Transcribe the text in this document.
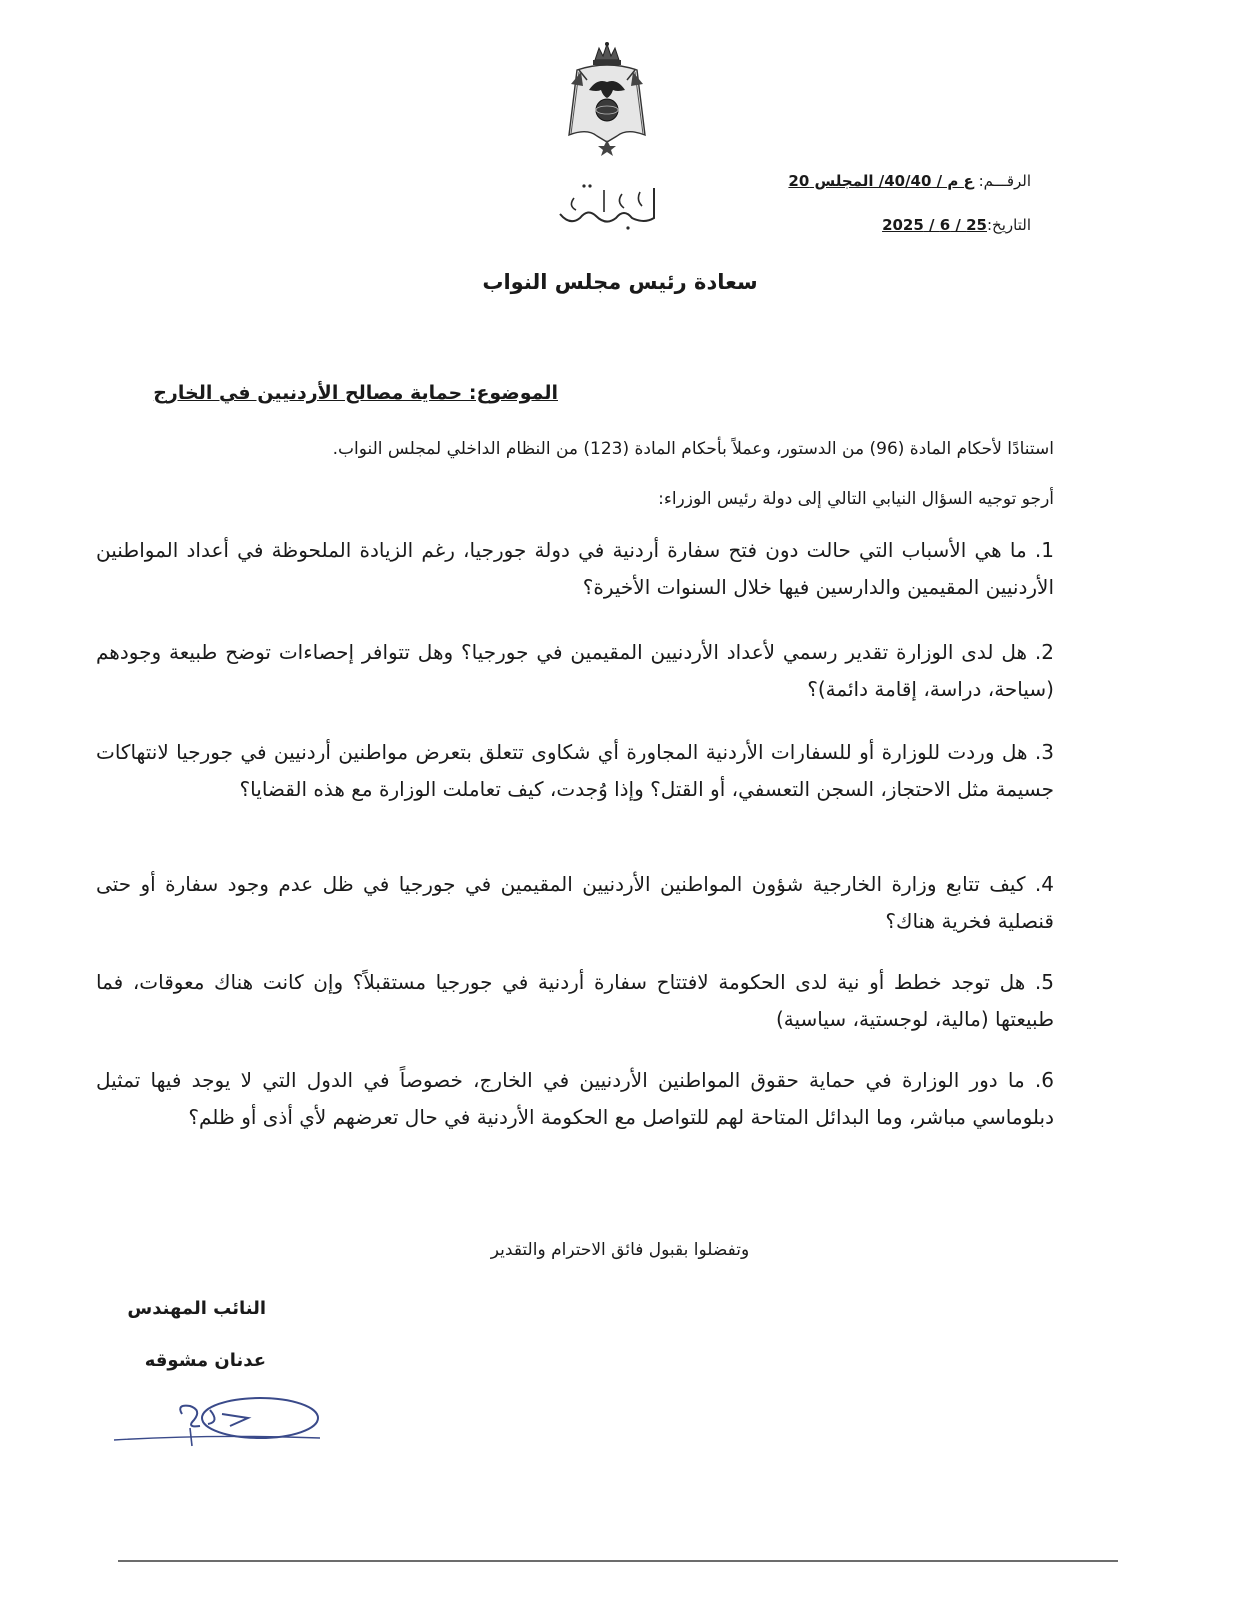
الرقـــم: ع م / 40/40/ المجلس 20
التاريخ:25 / 6 / 2025
سعادة رئيس مجلس النواب
الموضوع: حماية مصالح الأردنيين في الخارج
استنادًا لأحكام المادة (96) من الدستور، وعملاً بأحكام المادة (123) من النظام الداخلي لمجلس النواب.
أرجو توجيه السؤال النيابي التالي إلى دولة رئيس الوزراء:
1. ما هي الأسباب التي حالت دون فتح سفارة أردنية في دولة جورجيا، رغم الزيادة الملحوظة في أعداد المواطنين الأردنيين المقيمين والدارسين فيها خلال السنوات الأخيرة؟
2. هل لدى الوزارة تقدير رسمي لأعداد الأردنيين المقيمين في جورجيا؟ وهل تتوافر إحصاءات توضح طبيعة وجودهم (سياحة، دراسة، إقامة دائمة)؟
3. هل وردت للوزارة أو للسفارات الأردنية المجاورة أي شكاوى تتعلق بتعرض مواطنين أردنيين في جورجيا لانتهاكات جسيمة مثل الاحتجاز، السجن التعسفي، أو القتل؟ وإذا وُجدت، كيف تعاملت الوزارة مع هذه القضايا؟
4. كيف تتابع وزارة الخارجية شؤون المواطنين الأردنيين المقيمين في جورجيا في ظل عدم وجود سفارة أو حتى قنصلية فخرية هناك؟
5. هل توجد خطط أو نية لدى الحكومة لافتتاح سفارة أردنية في جورجيا مستقبلاً؟ وإن كانت هناك معوقات، فما طبيعتها (مالية، لوجستية، سياسية)
6. ما دور الوزارة في حماية حقوق المواطنين الأردنيين في الخارج، خصوصاً في الدول التي لا يوجد فيها تمثيل دبلوماسي مباشر، وما البدائل المتاحة لهم للتواصل مع الحكومة الأردنية في حال تعرضهم لأي أذى أو ظلم؟
وتفضلوا بقبول فائق الاحترام والتقدير
النائب المهندس
عدنان مشوقه
